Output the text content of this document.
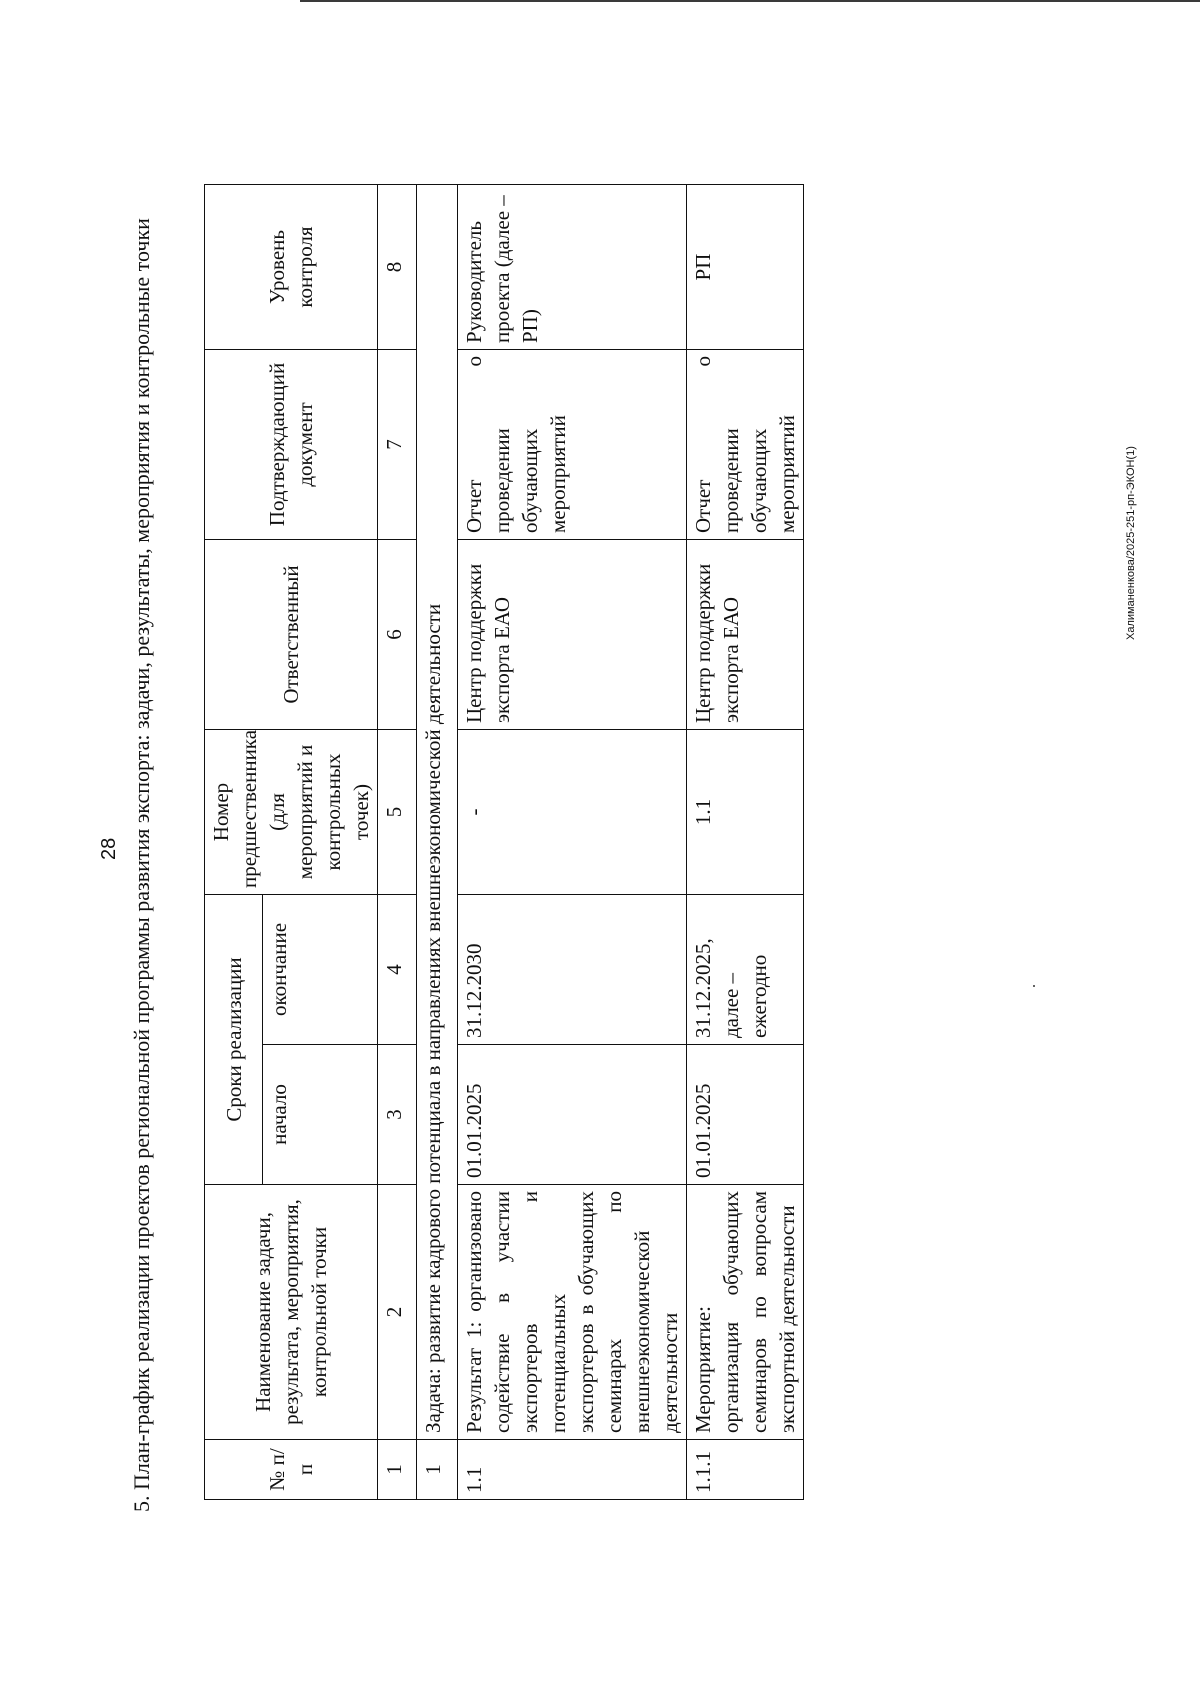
28
Халиманенкова/2025-251-рп-ЭКОН(1)
5. План-график реализации проектов региональной программы развития экспорта: задачи, результаты, мероприятия и контрольные точки	№ п/п	Наименование задачи, результата, мероприятия, контрольной точки	Сроки реализации		Номер предшественника (для мероприятий и контрольных точек)	Ответственный	Подтверждающий документ	Уровень контроля
		начало	окончание				
1	2	3	4	5	6	7	8
1	Задача: развитие кадрового потенциала в направлениях внешнеэкономической деятельности						
1.1	Результат 1: организовано содействие в участии экспортеров и потенциальных экспортеров в обучающих семинарах по внешнеэкономической деятельности	01.01.2025	31.12.2030	-	Центр поддержки экспорта ЕАО	Отчет о проведении обучающих мероприятий	Руководитель проекта (далее – РП)
1.1.1	Мероприятие: организация обучающих семинаров по вопросам экспортной деятельности	01.01.2025	31.12.2025, далее – ежегодно	1.1	Центр поддержки экспорта ЕАО	Отчет о проведении обучающих мероприятий	РП
